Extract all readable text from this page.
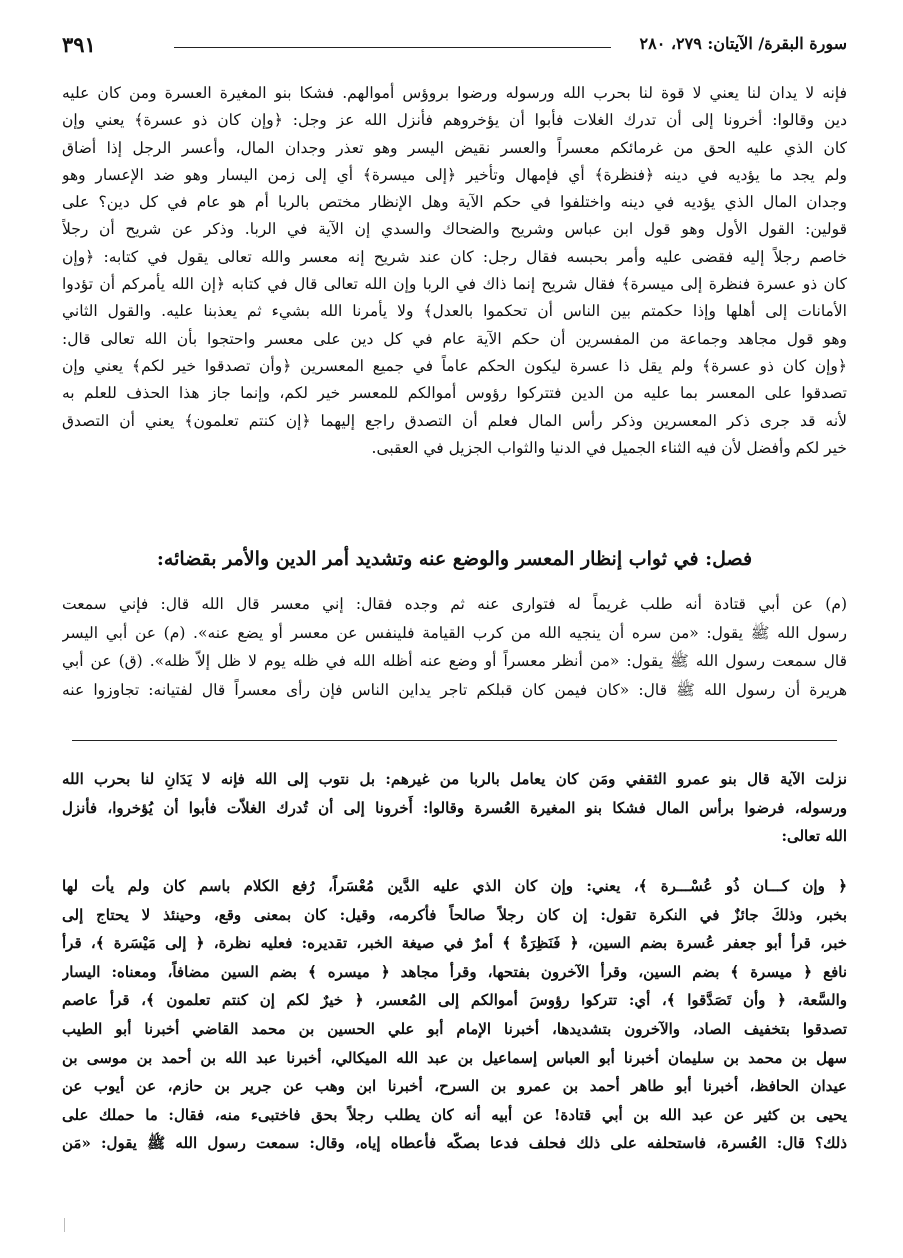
٣٩١	سورة البقرة/ الآيتان: ٢٧٩، ٢٨٠
فإنه لا يدان لنا يعني لا قوة لنا بحرب الله ورسوله ورضوا بروؤس أموالهم. فشكا بنو المغيرة العسرة ومن كان عليه
دين وقالوا: أخرونا إلى أن تدرك الغلات فأبوا أن يؤخروهم فأنزل الله عز وجل: ﴿وإن كان ذو عسرة﴾ يعني وإن
كان الذي عليه الحق من غرمائكم معسراً والعسر نقيض اليسر وهو تعذر وجدان المال، وأعسر الرجل إذا أضاق
ولم يجد ما يؤديه في دينه ﴿فنظرة﴾ أي فإمهال وتأخير ﴿إلى ميسرة﴾ أي إلى زمن اليسار وهو ضد الإعسار وهو
وجدان المال الذي يؤديه في دينه واختلفوا في حكم الآية وهل الإنظار مختص بالربا أم هو عام في كل دين؟ على
قولين: القول الأول وهو قول ابن عباس وشريح والضحاك والسدي إن الآية في الربا. وذكر عن شريح أن رجلاً
خاصم رجلاً إليه فقضى عليه وأمر بحبسه فقال رجل: كان عند شريح إنه معسر والله تعالى يقول في كتابه: ﴿وإن
كان ذو عسرة فنظرة إلى ميسرة﴾ فقال شريح إنما ذاك في الربا وإن الله تعالى قال في كتابه ﴿إن الله يأمركم أن تؤدوا
الأمانات إلى أهلها وإذا حكمتم بين الناس أن تحكموا بالعدل﴾ ولا يأمرنا الله بشيء ثم يعذبنا عليه. والقول الثاني
وهو قول مجاهد وجماعة من المفسرين أن حكم الآية عام في كل دين على معسر واحتجوا بأن الله تعالى قال:
﴿وإن كان ذو عسرة﴾ ولم يقل ذا عسرة ليكون الحكم عاماً في جميع المعسرين ﴿وأن تصدقوا خير لكم﴾ يعني وإن
تصدقوا على المعسر بما عليه من الدين فتتركوا رؤوس أموالكم للمعسر خير لكم، وإنما جاز هذا الحذف للعلم به
لأنه قد جرى ذكر المعسرين وذكر رأس المال فعلم أن التصدق راجع إليهما ﴿إن كنتم تعلمون﴾ يعني أن التصدق
خير لكم وأفضل لأن فيه الثناء الجميل في الدنيا والثواب الجزيل في العقبى.
فصل: في ثواب إنظار المعسر والوضع عنه وتشديد أمر الدين والأمر بقضائه:
(م) عن أبي قتادة أنه طلب غريماً له فتوارى عنه ثم وجده فقال: إني معسر قال الله قال: فإني سمعت
رسول الله ﷺ يقول: «من سره أن ينجيه الله من كرب القيامة فلينفس عن معسر أو يضع عنه». (م) عن أبي اليسر
قال سمعت رسول الله ﷺ يقول: «من أنظر معسراً أو وضع عنه أظله الله في ظله يوم لا ظل إلاّ ظله». (ق) عن أبي
هريرة أن رسول الله ﷺ قال: «كان فيمن كان قبلكم تاجر يداين الناس فإن رأى معسراً قال لفتيانه: تجاوزوا عنه
نزلت الآية قال بنو عمرو الثقفي ومَن كان يعامل بالربا من غيرهم: بل نتوب إلى الله فإنه لا يَدَانِ لنا بحرب الله
ورسوله، فرضوا برأس المال فشكا بنو المغيرة العُسرة وقالوا: أَخرونا إلى أن تُدرك الغلاّت فأبوا أن يُؤخروا، فأنزل
الله تعالى:
﴿ وإن كـــان ذُو عُسْـــرة ﴾، يعني: وإن كان الذي عليه الدَّين مُعْسَراً، رُفع الكلام باسم كان ولم يأت لها
بخبر، وذلكَ جائزٌ في النكرة تقول: إن كان رجلاً صالحاً فأكرمه، وقيل: كان بمعنى وقع، وحينئذ لا يحتاج إلى
خبر، قرأ أبو جعفر عُسرة بضم السين، ﴿ فَنَظِرَةٌ ﴾ أمرٌ في صيغة الخبر، تقديره: فعليه نظرة، ﴿ إلى مَيْسَرة ﴾، قرأ
نافع ﴿ ميسرة ﴾ بضم السين، وقرأ الآخرون بفتحها، وقرأ مجاهد ﴿ ميسره ﴾ بضم السين مضافاً، ومعناه: اليسار
والسَّعة، ﴿ وأن تَصَدَّقوا ﴾، أي: تتركوا رؤوسَ أموالكم إلى المُعسر، ﴿ خيرٌ لكم إن كنتم تعلمون ﴾، قرأ عاصم
تصدقوا بتخفيف الصاد، والآخرون بتشديدها، أخبرنا الإمام أبو علي الحسين بن محمد القاضي أخبرنا أبو الطيب
سهل بن محمد بن سليمان أخبرنا أبو العباس إسماعيل بن عبد الله الميكالي، أخبرنا عبد الله بن أحمد بن موسى بن
عيدان الحافظ، أخبرنا أبو طاهر أحمد بن عمرو بن السرح، أخبرنا ابن وهب عن جرير بن حازم، عن أيوب عن
يحيى بن كثير عن عبد الله بن أبي قتادة! عن أبيه أنه كان يطلب رجلاً بحق فاختبىء منه، فقال: ما حملك على
ذلك؟ قال: العُسرة، فاستحلفه على ذلك فحلف فدعا بصكّه فأعطاه إياه، وقال: سمعت رسول الله ﷺ يقول: «مَن
